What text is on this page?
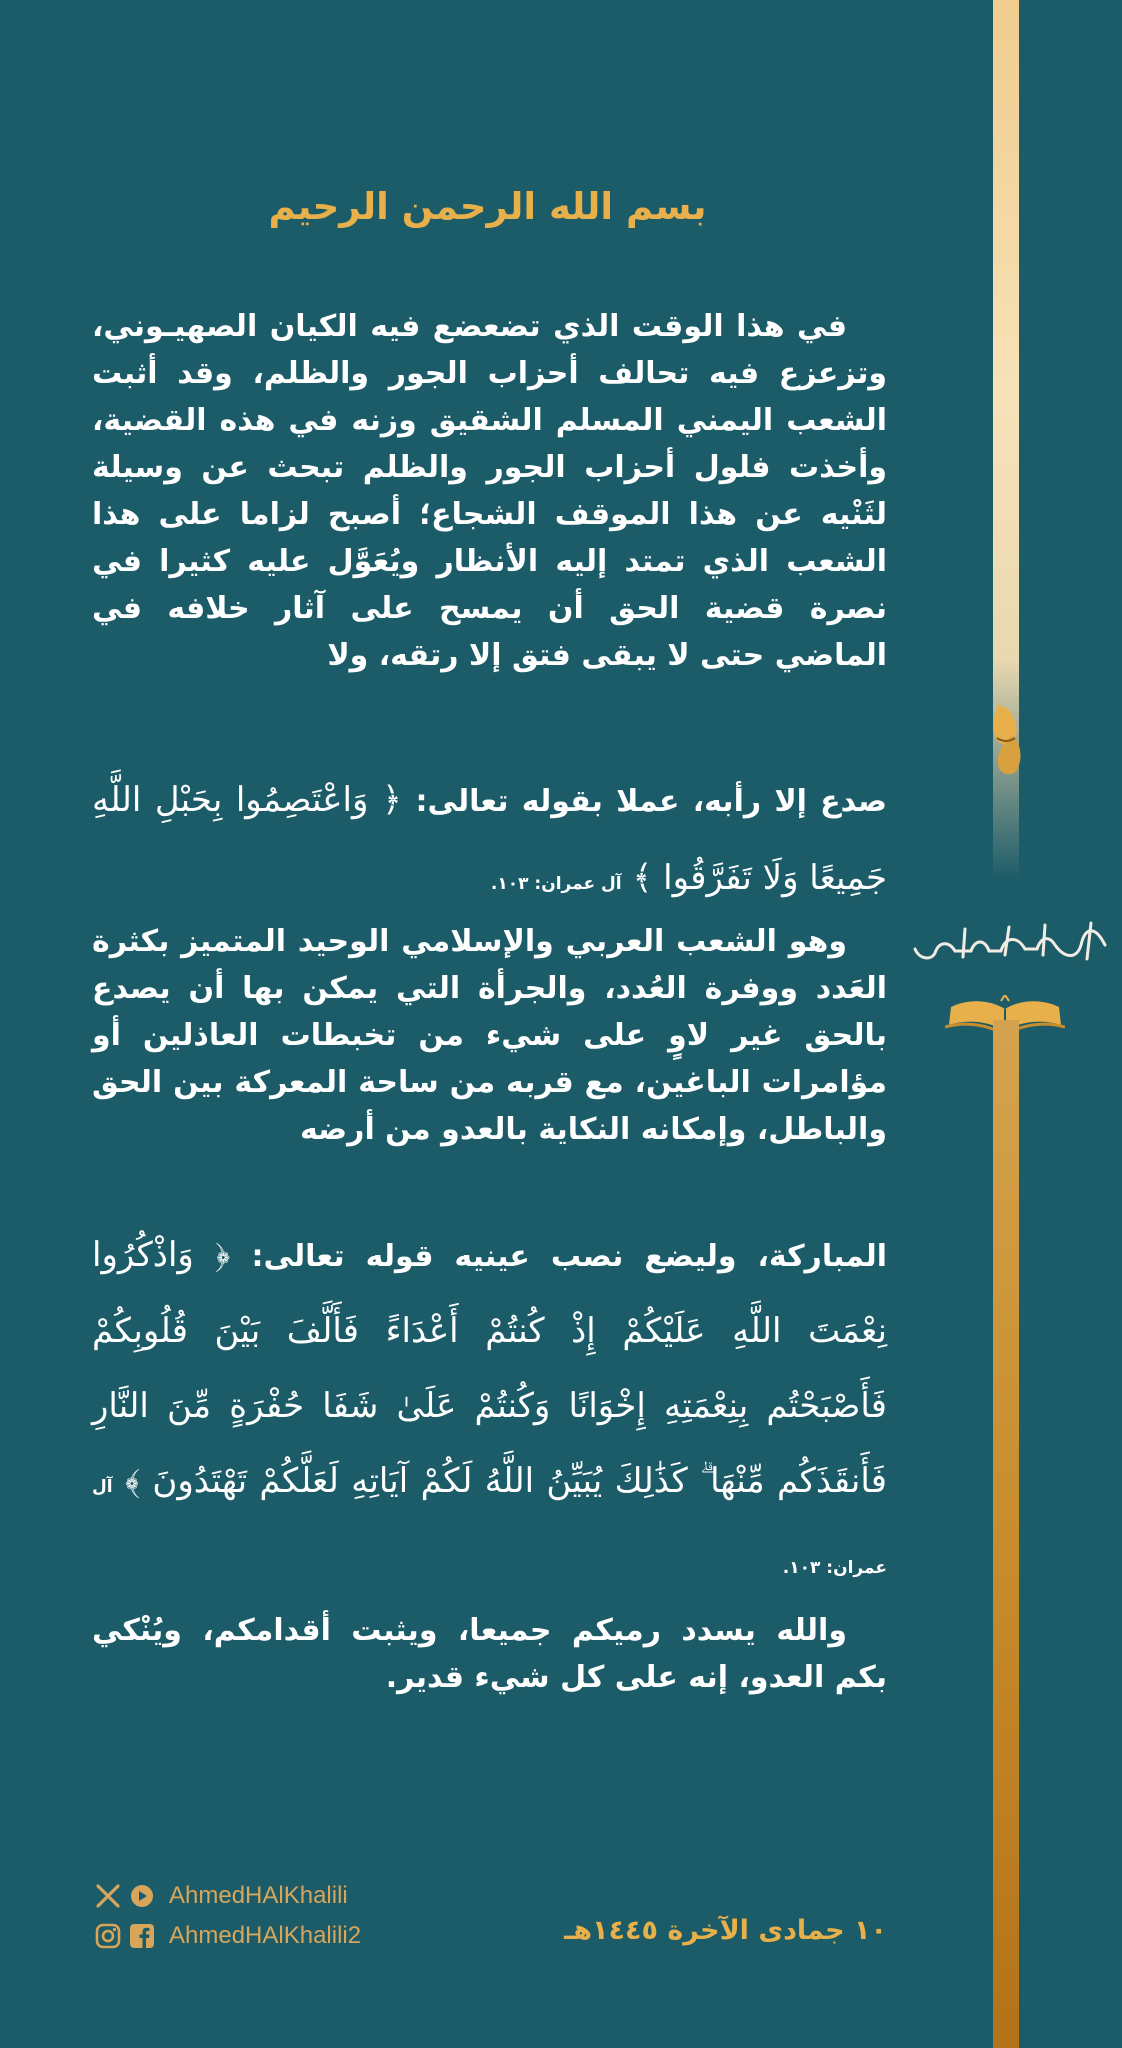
بسم الله الرحمن الرحيم

في هذا الوقت الذي تضعضع فيه الكيان الصهيـوني، وتزعزع فيه تحالف أحزاب الجور والظلم، وقد أثبت الشعب اليمني المسلم الشقيق وزنه في هذه القضية، وأخذت فلول أحزاب الجور والظلم تبحث عن وسيلة لثَنْيه عن هذا الموقف الشجاع؛ أصبح لزاما على هذا الشعب الذي تمتد إليه الأنظار ويُعَوَّل عليه كثيرا في نصرة قضية الحق أن يمسح على آثار خلافه في الماضي حتى لا يبقى فتق إلا رتقه، ولا

صدع إلا رأبه، عملا بقوله تعالى: ﴿ وَاعْتَصِمُوا بِحَبْلِ اللَّهِ جَمِيعًا وَلَا تَفَرَّقُوا ﴾ آل عمران: ١٠٣.

وهو الشعب العربي والإسلامي الوحيد المتميز بكثرة العَدد ووفرة العُدد، والجرأة التي يمكن بها أن يصدع بالحق غير لاوٍ على شيء من تخبطات العاذلين أو مؤامرات الباغين، مع قربه من ساحة المعركة بين الحق والباطل، وإمكانه النكاية بالعدو من أرضه

المباركة، وليضع نصب عينيه قوله تعالى: ﴿ وَاذْكُرُوا نِعْمَتَ اللَّهِ عَلَيْكُمْ إِذْ كُنتُمْ أَعْدَاءً فَأَلَّفَ بَيْنَ قُلُوبِكُمْ فَأَصْبَحْتُم بِنِعْمَتِهِ إِخْوَانًا وَكُنتُمْ عَلَىٰ شَفَا حُفْرَةٍ مِّنَ النَّارِ فَأَنقَذَكُم مِّنْهَا ۗ كَذَٰلِكَ يُبَيِّنُ اللَّهُ لَكُمْ آيَاتِهِ لَعَلَّكُمْ تَهْتَدُونَ ﴾ آل عمران: ١٠٣.

والله يسدد رميكم جميعا، ويثبت أقدامكم، ويُنْكي بكم العدو، إنه على كل شيء قدير.

AhmedHAlKhalili
AhmedHAlKhalili2	١٠ جمادى الآخرة ١٤٤٥هـ
